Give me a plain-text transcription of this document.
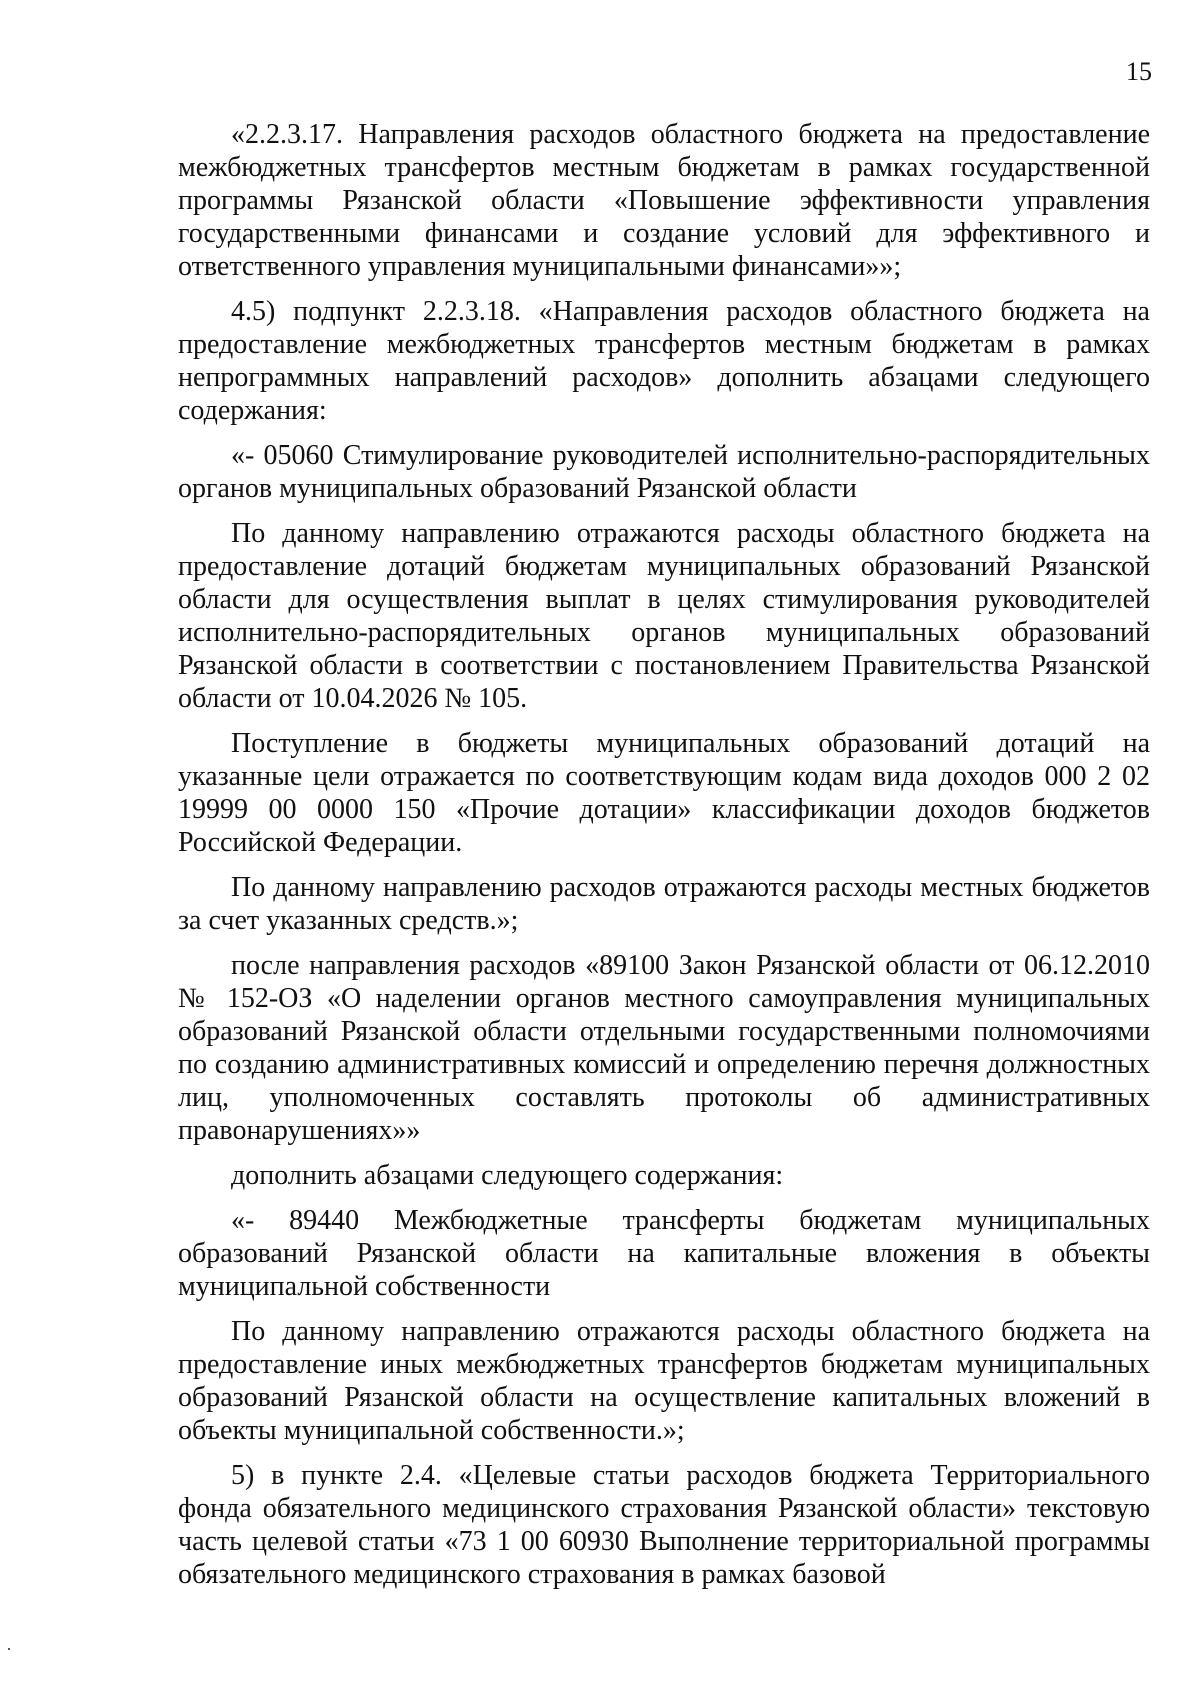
15

«2.2.3.17. Направления расходов областного бюджета на предоставление межбюджетных трансфертов местным бюджетам в рамках государственной программы Рязанской области «Повышение эффективности управления государственными финансами и создание условий для эффективного и ответственного управления муниципальными финансами»»;

4.5) подпункт 2.2.3.18. «Направления расходов областного бюджета на предоставление межбюджетных трансфертов местным бюджетам в рамках непрограммных направлений расходов» дополнить абзацами следующего содержания:

«- 05060 Стимулирование руководителей исполнительно-распорядительных органов муниципальных образований Рязанской области

По данному направлению отражаются расходы областного бюджета на предоставление дотаций бюджетам муниципальных образований Рязанской области для осуществления выплат в целях стимулирования руководителей исполнительно-распорядительных органов муниципальных образований Рязанской области в соответствии с постановлением Правительства Рязанской области от 10.04.2026 № 105.

Поступление в бюджеты муниципальных образований дотаций на указанные цели отражается по соответствующим кодам вида доходов 000 2 02 19999 00 0000 150 «Прочие дотации» классификации доходов бюджетов Российской Федерации.

По данному направлению расходов отражаются расходы местных бюджетов за счет указанных средств.»;

после направления расходов «89100 Закон Рязанской области от 06.12.2010 № 152-ОЗ «О наделении органов местного самоуправления муниципальных образований Рязанской области отдельными государственными полномочиями по созданию административных комиссий и определению перечня должностных лиц, уполномоченных составлять протоколы об административных правонарушениях»»

дополнить абзацами следующего содержания:

«- 89440 Межбюджетные трансферты бюджетам муниципальных образований Рязанской области на капитальные вложения в объекты муниципальной собственности

По данному направлению отражаются расходы областного бюджета на предоставление иных межбюджетных трансфертов бюджетам муниципальных образований Рязанской области на осуществление капитальных вложений в объекты муниципальной собственности.»;

5) в пункте 2.4. «Целевые статьи расходов бюджета Территориального фонда обязательного медицинского страхования Рязанской области» текстовую часть целевой статьи «73 1 00 60930 Выполнение территориальной программы обязательного медицинского страхования в рамках базовой
